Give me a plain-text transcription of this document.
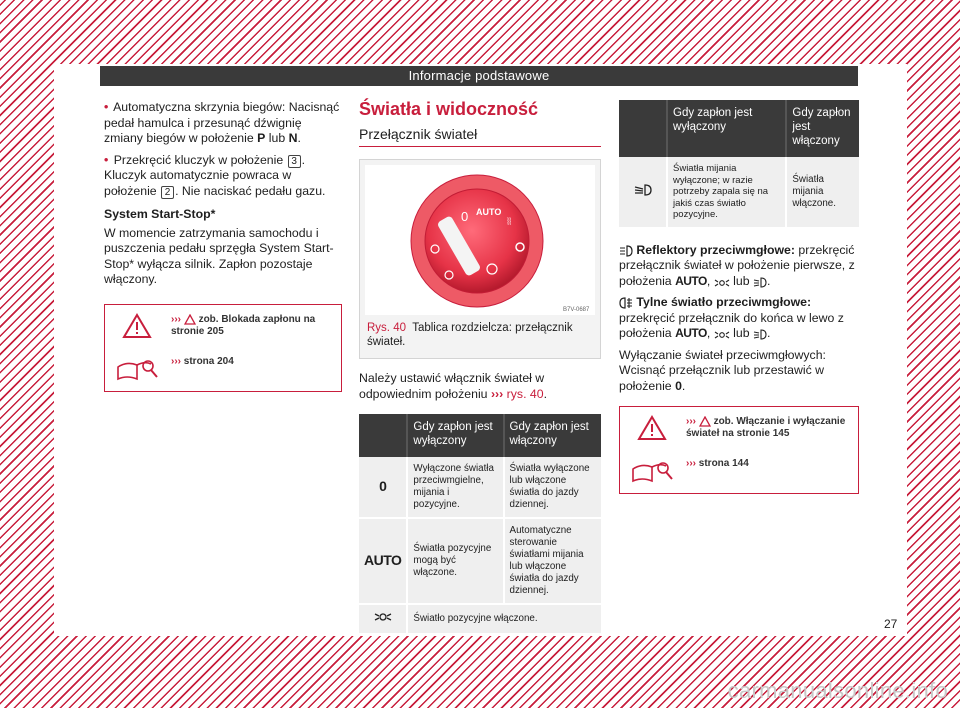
Informacje podstawowe

• Automatyczna skrzynia biegów: Nacisnąć pedał hamulca i przesunąć dźwignię zmiany biegów w położenie P lub N.

• Przekręcić kluczyk w położenie 3 . Kluczyk automatycznie powraca w położenie 2 . Nie naciskać pedału gazu.

System Start-Stop*

W momencie zatrzymania samochodu i puszczenia pedału sprzęgła System Start-Stop* wyłącza silnik. Zapłon pozostaje włączony.

››› zob. Blokada zapłonu na stronie 205
››› strona 204
Światła i widoczność
Przełącznik świateł
0 AUTO
⦚⦚
B7V-0687
Rys. 40 Tablica rozdzielcza: przełącznik świateł.

Należy ustawić włącznik świateł w odpowiednim położeniu ››› rys. 40.

	Gdy zapłon jest wyłączony	Gdy zapłon jest włączony
0	Wyłączone światła przeciwmgielne, mijania i pozycyjne.	Światła wyłączone lub włączone światła do jazdy dziennej.
AUTO	Światła pozycyjne mogą być włączone.	Automatyczne sterowanie światłami mijania lub włączone światła do jazdy dziennej.
	Światło pozycyjne włączone.	
	Gdy zapłon jest wyłączony	Gdy zapłon jest włączony
	Światła mijania wyłączone; w razie potrzeby zapala się na jakiś czas światło pozycyjne.	Światła mijania włączone.

Reflektory przeciwmgłowe: przekręcić przełącznik świateł w położenie pierwsze, z położenia AUTO,  lub .

Tylne światło przeciwmgłowe: przekręcić przełącznik do końca w lewo z położenia AUTO,  lub .

Wyłączanie świateł przeciwmgłowych: Wcisnąć przełącznik lub przestawić w położenie 0.

››› zob. Włączanie i wyłączanie świateł na stronie 145
››› strona 144
27
carmanualsonline.info
